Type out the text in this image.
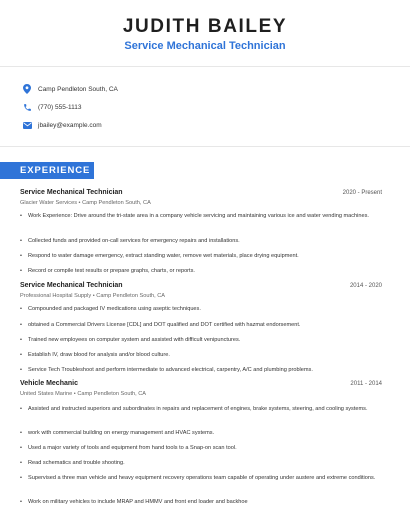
JUDITH BAILEY
Service Mechanical Technician
Camp Pendleton South, CA
(770) 555-1113
jbailey@example.com
EXPERIENCE
Service Mechanical Technician	2020 - Present
Glacier Water Services • Camp Pendleton South, CA
• Work Experience: Drive around the tri-state area in a company vehicle servicing and maintaining various ice and water vending machines.
• Collected funds and provided on-call services for emergency repairs and installations.
• Respond to water damage emergency, extract standing water, remove wet materials, place drying equipment.
• Record or compile test results or prepare graphs, charts, or reports.
Service Mechanical Technician	2014 - 2020
Professional Hospital Supply • Camp Pendleton South, CA
• Compounded and packaged IV medications using aseptic techniques.
• obtained a Commercial Drivers License [CDL] and DOT qualified and DOT certified with hazmat endorsement.
• Trained new employees on computer system and assisted with difficult venipunctures.
• Establish IV, draw blood for analysis and/or blood culture.
• Service Tech Troubleshoot and perform intermediate to advanced electrical, carpentry, A/C and plumbing problems.
Vehicle Mechanic	2011 - 2014
United States Marine • Camp Pendleton South, CA
• Assisted and instructed superiors and subordinates in repairs and replacement of engines, brake systems, steering, and cooling systems.
• work with commercial building on energy management and HVAC systems.
• Used a major variety of tools and equipment from hand tools to a Snap-on scan tool.
• Read schematics and trouble shooting.
• Supervised a three man vehicle and heavy equipment recovery operations team capable of operating under austere and extreme conditions.
• Work on military vehicles to include MRAP and HMMV and front end loader and backhoe
